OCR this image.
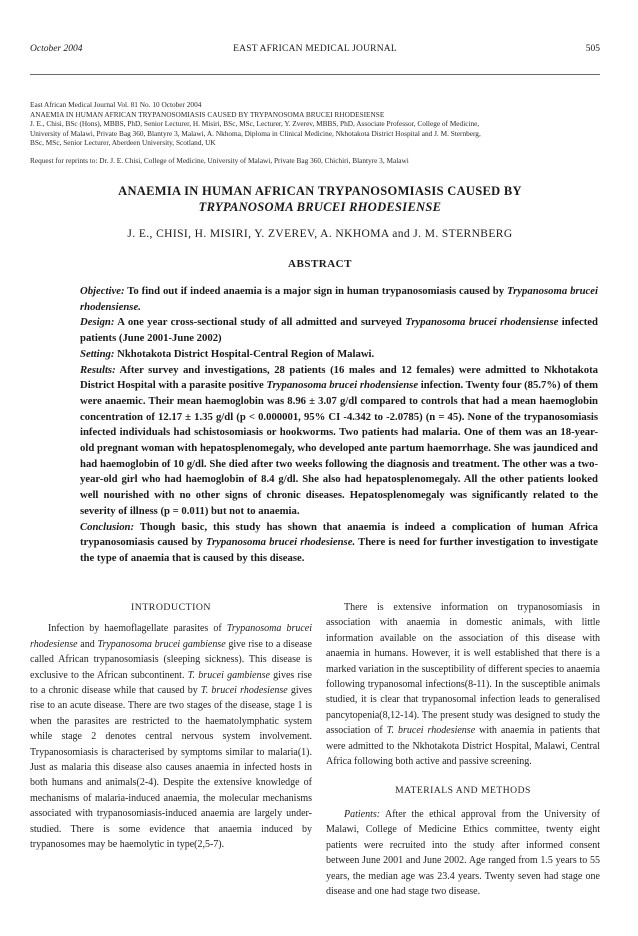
October 2004	EAST AFRICAN MEDICAL JOURNAL	505
East African Medical Journal Vol. 81 No. 10 October 2004
ANAEMIA IN HUMAN AFRICAN TRYPANOSOMIASIS CAUSED BY TRYPANOSOMA BRUCEI RHODESIENSE
J. E., Chisi, BSc (Hons), MBBS, PhD, Senior Lecturer, H. Misiri, BSc, MSc, Lecturer, Y. Zverev, MBBS, PhD, Associate Professor, College of Medicine,
University of Malawi, Private Bag 360, Blantyre 3, Malawi, A. Nkhoma, Diploma in Clinical Medicine, Nkhotakota District Hospital and J. M. Sternberg,
BSc, MSc, Senior Lecturer, Aberdeen University, Scotland, UK
Request for reprints to: Dr. J. E. Chisi, College of Medicine, University of Malawi, Private Bag 360, Chichiri, Blantyre 3, Malawi
ANAEMIA IN HUMAN AFRICAN TRYPANOSOMIASIS CAUSED BY
TRYPANOSOMA BRUCEI RHODESIENSE
J. E., CHISI, H. MISIRI, Y. ZVEREV, A. NKHOMA and J. M. STERNBERG
ABSTRACT

Objective: To find out if indeed anaemia is a major sign in human trypanosomiasis caused by Trypanosoma brucei rhodensiense.

Design: A one year cross-sectional study of all admitted and surveyed Trypanosoma brucei rhodensiense infected patients (June 2001-June 2002)

Setting: Nkhotakota District Hospital-Central Region of Malawi.

Results: After survey and investigations, 28 patients (16 males and 12 females) were admitted to Nkhotakota District Hospital with a parasite positive Trypanosoma brucei rhodensiense infection. Twenty four (85.7%) of them were anaemic. Their mean haemoglobin was 8.96 ± 3.07 g/dl compared to controls that had a mean haemoglobin concentration of 12.17 ± 1.35 g/dl (p < 0.000001, 95% CI -4.342 to -2.0785) (n = 45). None of the trypanosomiasis infected individuals had schistosomiasis or hookworms. Two patients had malaria. One of them was an 18-year-old pregnant woman with hepatosplenomegaly, who developed ante partum haemorrhage. She was jaundiced and had haemoglobin of 10 g/dl. She died after two weeks following the diagnosis and treatment. The other was a two-year-old girl who had haemoglobin of 8.4 g/dl. She also had hepatosplenomegaly. All the other patients looked well nourished with no other signs of chronic diseases. Hepatosplenomegaly was significantly related to the severity of illness (p = 0.011) but not to anaemia.

Conclusion: Though basic, this study has shown that anaemia is indeed a complication of human Africa trypanosomiasis caused by Trypanosoma brucei rhodesiense. There is need for further investigation to investigate the type of anaemia that is caused by this disease.

INTRODUCTION

Infection by haemoflagellate parasites of Trypanosoma brucei rhodesiense and Trypanosoma brucei gambiense give rise to a disease called African trypanosomiasis (sleeping sickness). This disease is exclusive to the African subcontinent. T. brucei gambiense gives rise to a chronic disease while that caused by T. brucei rhodesiense gives rise to an acute disease. There are two stages of the disease, stage 1 is when the parasites are restricted to the haematolymphatic system while stage 2 denotes central nervous system involvement. Trypanosomiasis is characterised by symptoms similar to malaria(1). Just as malaria this disease also causes anaemia in infected hosts in both humans and animals(2-4). Despite the extensive knowledge of mechanisms of malaria-induced anaemia, the molecular mechanisms associated with trypanosomiasis-induced anaemia are largely under-studied. There is some evidence that anaemia induced by trypanosomes may be haemolytic in type(2,5-7).

There is extensive information on trypanosomiasis in association with anaemia in domestic animals, with little information available on the association of this disease with anaemia in humans. However, it is well established that there is a marked variation in the susceptibility of different species to anaemia following trypanosomal infections(8-11). In the susceptible animals studied, it is clear that trypanosomal infection leads to generalised pancytopenia(8,12-14). The present study was designed to study the association of T. brucei rhodesiense with anaemia in patients that were admitted to the Nkhotakota District Hospital, Malawi, Central Africa following both active and passive screening.

MATERIALS AND METHODS

Patients: After the ethical approval from the University of Malawi, College of Medicine Ethics committee, twenty eight patients were recruited into the study after informed consent between June 2001 and June 2002. Age ranged from 1.5 years to 55 years, the median age was 23.4 years. Twenty seven had stage one disease and one had stage two disease.
